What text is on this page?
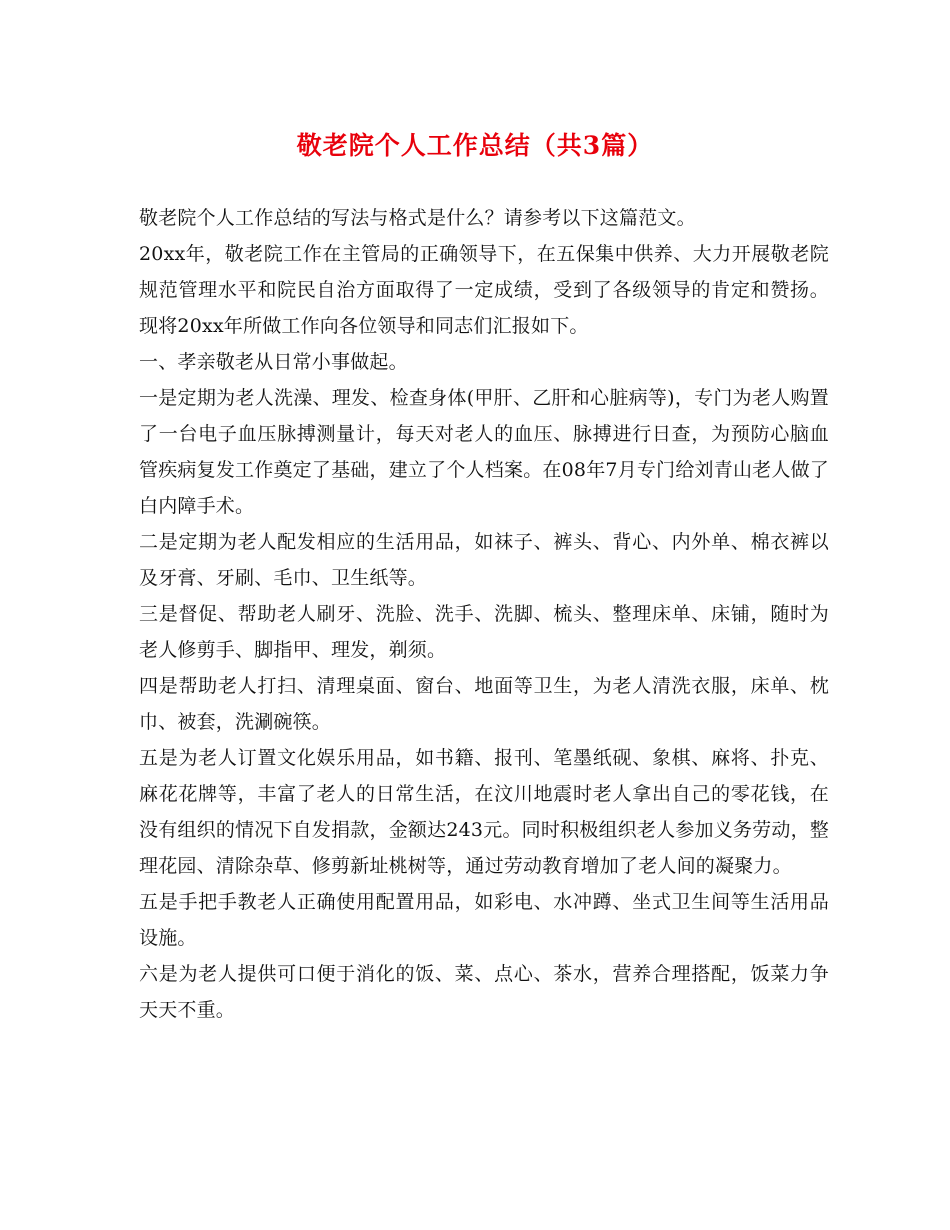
敬老院个人工作总结（共3篇）

敬老院个人工作总结的写法与格式是什么？请参考以下这篇范文。

20xx年，敬老院工作在主管局的正确领导下，在五保集中供养、大力开展敬老院规范管理水平和院民自治方面取得了一定成绩，受到了各级领导的肯定和赞扬。现将20xx年所做工作向各位领导和同志们汇报如下。

一、孝亲敬老从日常小事做起。

一是定期为老人洗澡、理发、检查身体(甲肝、乙肝和心脏病等)，专门为老人购置了一台电子血压脉搏测量计，每天对老人的血压、脉搏进行日查，为预防心脑血管疾病复发工作奠定了基础，建立了个人档案。在08年7月专门给刘青山老人做了白内障手术。

二是定期为老人配发相应的生活用品，如袜子、裤头、背心、内外单、棉衣裤以及牙膏、牙刷、毛巾、卫生纸等。

三是督促、帮助老人刷牙、洗脸、洗手、洗脚、梳头、整理床单、床铺，随时为老人修剪手、脚指甲、理发，剃须。

四是帮助老人打扫、清理桌面、窗台、地面等卫生，为老人清洗衣服，床单、枕巾、被套，洗涮碗筷。

五是为老人订置文化娱乐用品，如书籍、报刊、笔墨纸砚、象棋、麻将、扑克、麻花花牌等，丰富了老人的日常生活，在汶川地震时老人拿出自己的零花钱，在没有组织的情况下自发捐款，金额达243元。同时积极组织老人参加义务劳动，整理花园、清除杂草、修剪新址桃树等，通过劳动教育增加了老人间的凝聚力。

五是手把手教老人正确使用配置用品，如彩电、水冲蹲、坐式卫生间等生活用品设施。

六是为老人提供可口便于消化的饭、菜、点心、茶水，营养合理搭配，饭菜力争天天不重。
